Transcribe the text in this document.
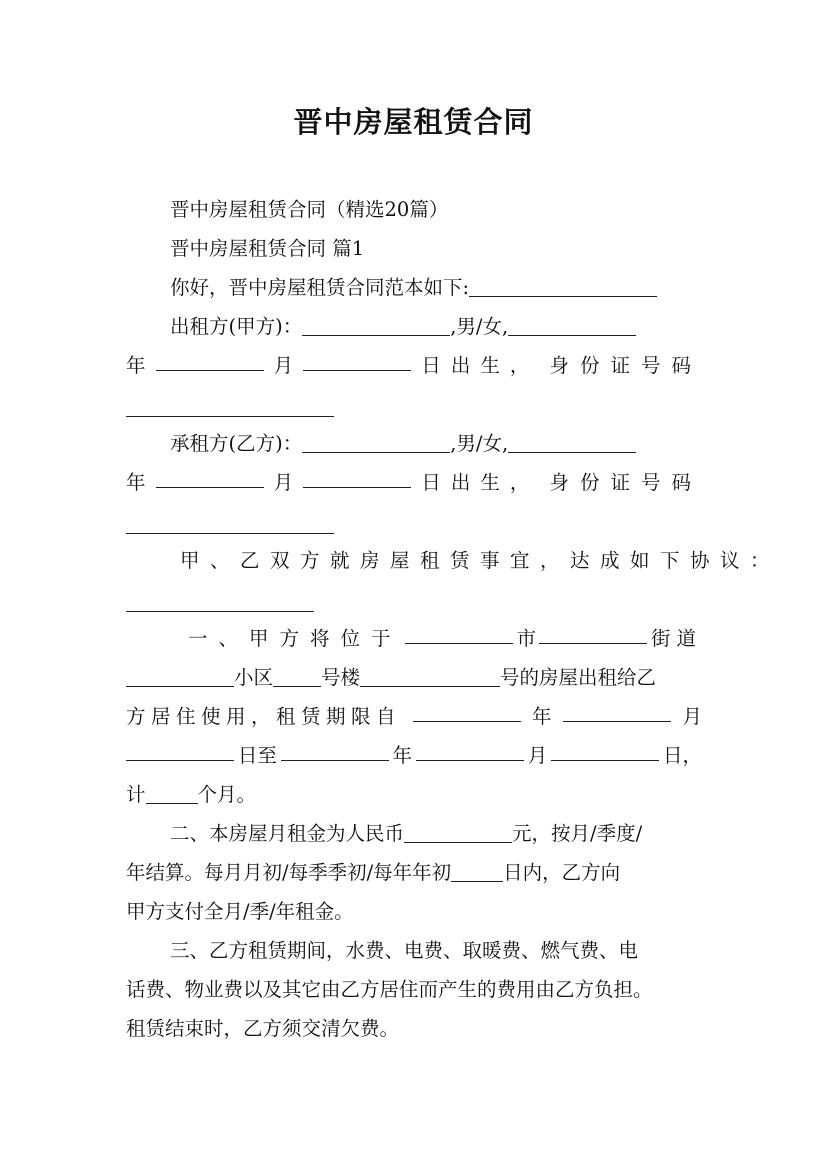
晋中房屋租赁合同
晋中房屋租赁合同（精选20篇）
晋中房屋租赁合同 篇1
你好，晋中房屋租赁合同范本如下:
出租方(甲方)：	,男/女,
年	月	日出生， 身份证号码
承租方(乙方)：	,男/女,
年	月	日出生， 身份证号码
甲、乙双方就房屋租赁事宜，达成如下协议：
一、甲方将位于	市	街道
小区 号楼	号的房屋出租给乙
方居住使用，租赁期限自	年	月
日至	年	月	日，
计	个月。
二、本房屋月租金为人民币	元，按月/季度/
年结算。每月月初/每季季初/每年年初	日内，乙方向
甲方支付全月/季/年租金。
三、乙方租赁期间，水费、电费、取暖费、燃气费、电
话费、物业费以及其它由乙方居住而产生的费用由乙方负担。
租赁结束时，乙方须交清欠费。
